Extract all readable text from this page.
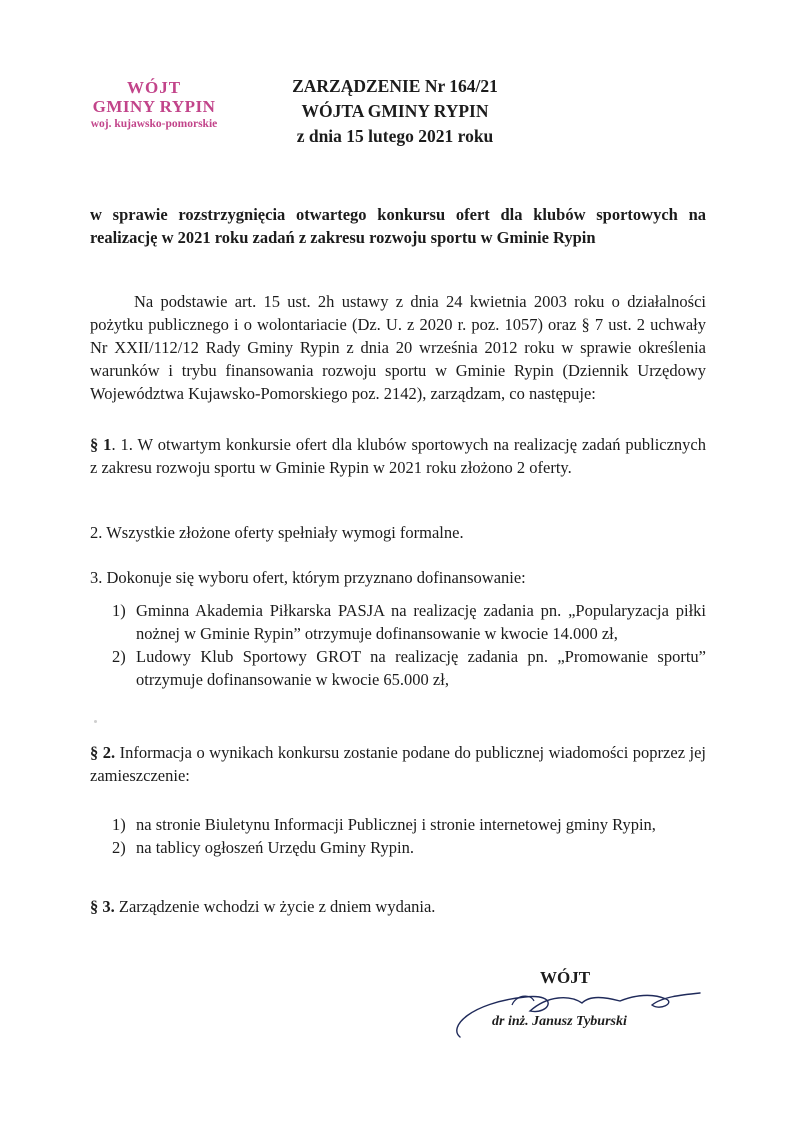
WÓJT
GMINY RYPIN
woj. kujawsko-pomorskie
ZARZĄDZENIE Nr 164/21
WÓJTA GMINY RYPIN
z dnia 15 lutego 2021 roku
w sprawie rozstrzygnięcia otwartego konkursu ofert dla klubów sportowych na realizację w 2021 roku zadań z zakresu rozwoju sportu w Gminie Rypin
Na podstawie art. 15 ust. 2h ustawy z dnia 24 kwietnia 2003 roku o działalności pożytku publicznego i o wolontariacie (Dz. U. z 2020 r. poz. 1057) oraz § 7 ust. 2 uchwały Nr XXII/112/12 Rady Gminy Rypin z dnia 20 września 2012 roku w sprawie określenia warunków i trybu finansowania rozwoju sportu w Gminie Rypin (Dziennik Urzędowy Województwa Kujawsko-Pomorskiego poz. 2142), zarządzam, co następuje:
§ 1. 1. W otwartym konkursie ofert dla klubów sportowych na realizację zadań publicznych z zakresu rozwoju sportu w Gminie Rypin w 2021 roku złożono 2 oferty.
2. Wszystkie złożone oferty spełniały wymogi formalne.
3. Dokonuje się wyboru ofert, którym przyznano dofinansowanie:
1) Gminna Akademia Piłkarska PASJA na realizację zadania pn. „Popularyzacja piłki nożnej w Gminie Rypin” otrzymuje dofinansowanie w kwocie 14.000 zł,
2) Ludowy Klub Sportowy GROT na realizację zadania pn. „Promowanie sportu” otrzymuje dofinansowanie w kwocie 65.000 zł,
§ 2. Informacja o wynikach konkursu zostanie podane do publicznej wiadomości poprzez jej zamieszczenie:
1) na stronie Biuletynu Informacji Publicznej i stronie internetowej gminy Rypin,
2) na tablicy ogłoszeń Urzędu Gminy Rypin.
§ 3. Zarządzenie wchodzi w życie z dniem wydania.
WÓJT
dr inż. Janusz Tyburski
